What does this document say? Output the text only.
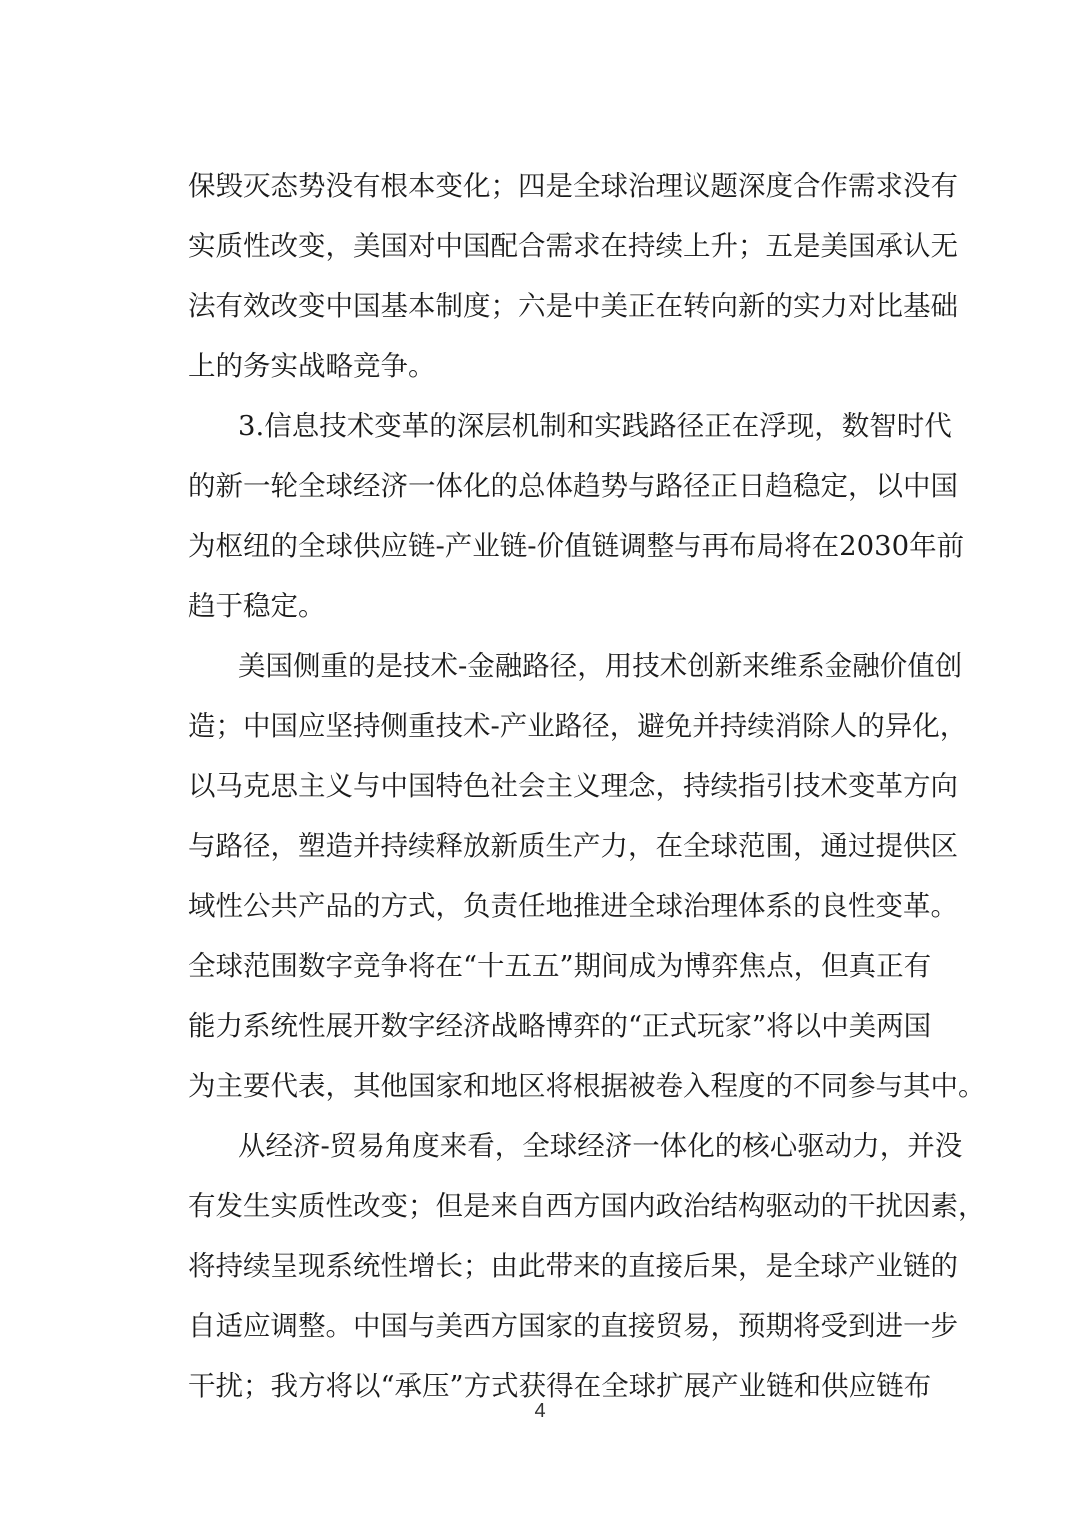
保毁灭态势没有根本变化；四是全球治理议题深度合作需求没有
实质性改变，美国对中国配合需求在持续上升；五是美国承认无
法有效改变中国基本制度；六是中美正在转向新的实力对比基础
上的务实战略竞争。
3.信息技术变革的深层机制和实践路径正在浮现，数智时代
的新一轮全球经济一体化的总体趋势与路径正日趋稳定，以中国
为枢纽的全球供应链-产业链-价值链调整与再布局将在2030年前
趋于稳定。
美国侧重的是技术-金融路径，用技术创新来维系金融价值创
造；中国应坚持侧重技术-产业路径，避免并持续消除人的异化，
以马克思主义与中国特色社会主义理念，持续指引技术变革方向
与路径，塑造并持续释放新质生产力，在全球范围，通过提供区
域性公共产品的方式，负责任地推进全球治理体系的良性变革。
全球范围数字竞争将在“十五五”期间成为博弈焦点，但真正有
能力系统性展开数字经济战略博弈的“正式玩家”将以中美两国
为主要代表，其他国家和地区将根据被卷入程度的不同参与其中。
从经济-贸易角度来看，全球经济一体化的核心驱动力，并没
有发生实质性改变；但是来自西方国内政治结构驱动的干扰因素，
将持续呈现系统性增长；由此带来的直接后果，是全球产业链的
自适应调整。中国与美西方国家的直接贸易，预期将受到进一步
干扰；我方将以“承压”方式获得在全球扩展产业链和供应链布
4
